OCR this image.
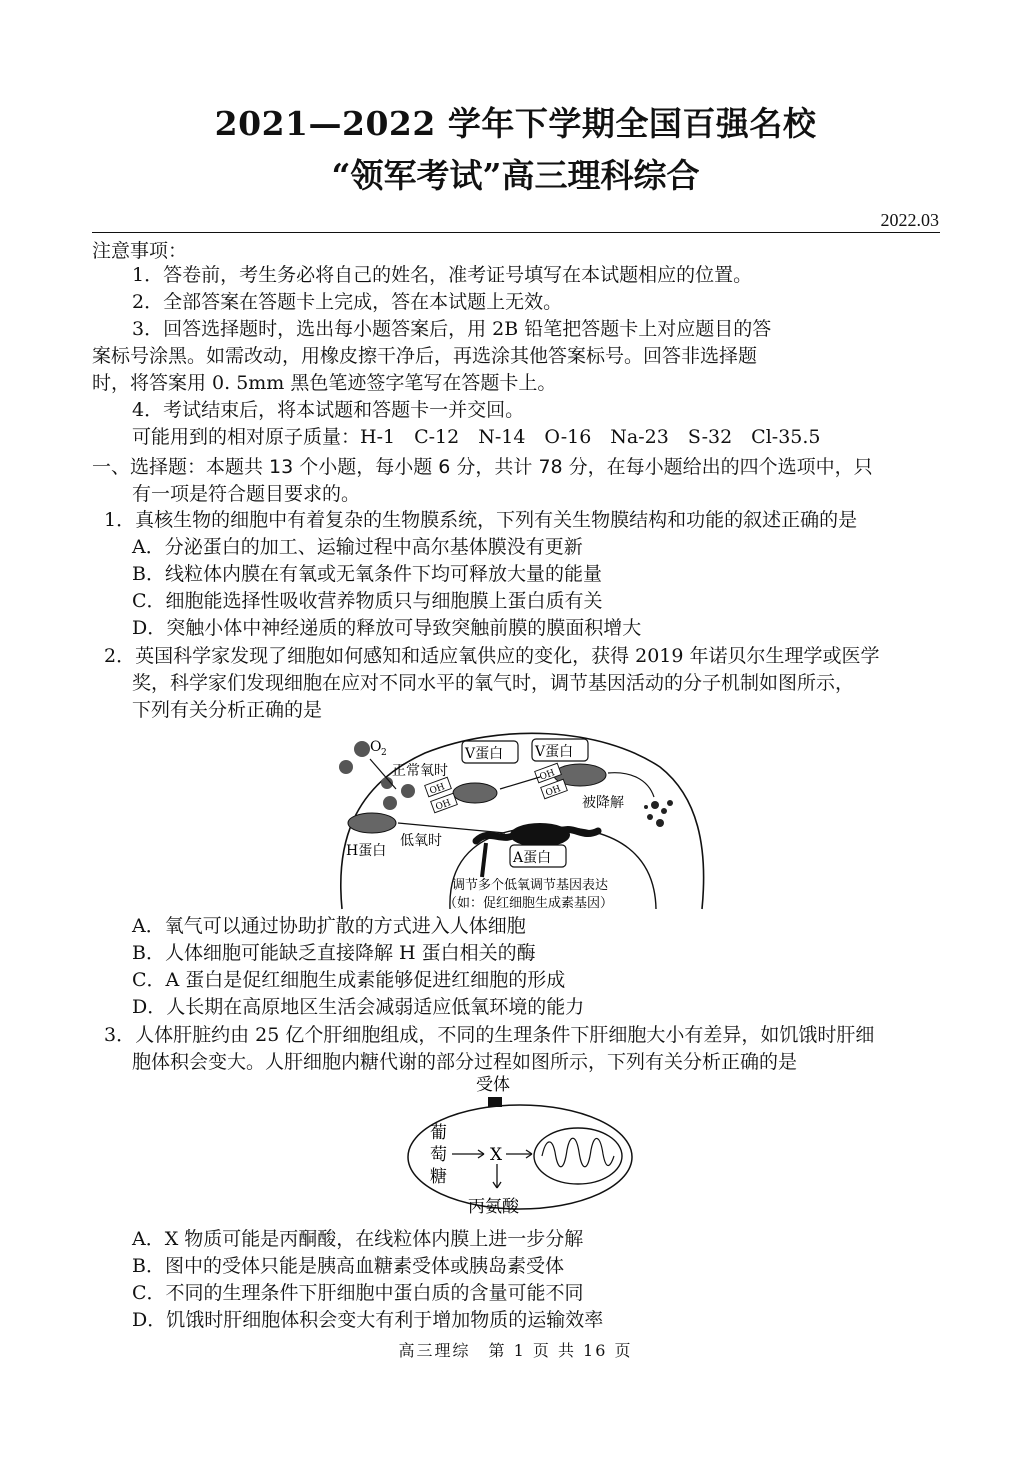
2021—2022 学年下学期全国百强名校
“领军考试”高三理科综合
2022.03
注意事项：
1．答卷前，考生务必将自己的姓名，准考证号填写在本试题相应的位置。
2．全部答案在答题卡上完成，答在本试题上无效。
3．回答选择题时，选出每小题答案后，用 2B 铅笔把答题卡上对应题目的答
案标号涂黑。如需改动，用橡皮擦干净后，再选涂其他答案标号。回答非选择题
时，将答案用 0. 5mm 黑色笔迹签字笔写在答题卡上。
4．考试结束后，将本试题和答题卡一并交回。
可能用到的相对原子质量：H-1　C-12　N-14　O-16　Na-23　S-32　Cl-35.5
一、选择题：本题共 13 个小题，每小题 6 分，共计 78 分，在每小题给出的四个选项中，只
有一项是符合题目要求的。
1．真核生物的细胞中有着复杂的生物膜系统，下列有关生物膜结构和功能的叙述正确的是
A．分泌蛋白的加工、运输过程中高尔基体膜没有更新
B．线粒体内膜在有氧或无氧条件下均可释放大量的能量
C．细胞能选择性吸收营养物质只与细胞膜上蛋白质有关
D．突触小体中神经递质的释放可导致突触前膜的膜面积增大
2．英国科学家发现了细胞如何感知和适应氧供应的变化，获得 2019 年诺贝尔生理学或医学
奖，科学家们发现细胞在应对不同水平的氧气时，调节基因活动的分子机制如图所示，
下列有关分析正确的是
O 2
正常氧时
V蛋白 V蛋白
OH
OH
OH
OH
被降解
H蛋白
低氧时
A蛋白
调节多个低氧调节基因表达
（如：促红细胞生成素基因）
A．氧气可以通过协助扩散的方式进入人体细胞
B．人体细胞可能缺乏直接降解 H 蛋白相关的酶
C．A 蛋白是促红细胞生成素能够促进红细胞的形成
D．人长期在高原地区生活会减弱适应低氧环境的能力
3．人体肝脏约由 25 亿个肝细胞组成，不同的生理条件下肝细胞大小有差异，如饥饿时肝细
胞体积会变大。人肝细胞内糖代谢的部分过程如图所示，下列有关分析正确的是
受体
葡
萄
糖
X
丙氨酸
A．X 物质可能是丙酮酸，在线粒体内膜上进一步分解
B．图中的受体只能是胰高血糖素受体或胰岛素受体
C．不同的生理条件下肝细胞中蛋白质的含量可能不同
D．饥饿时肝细胞体积会变大有利于增加物质的运输效率
高三理综　第 1 页 共 16 页
